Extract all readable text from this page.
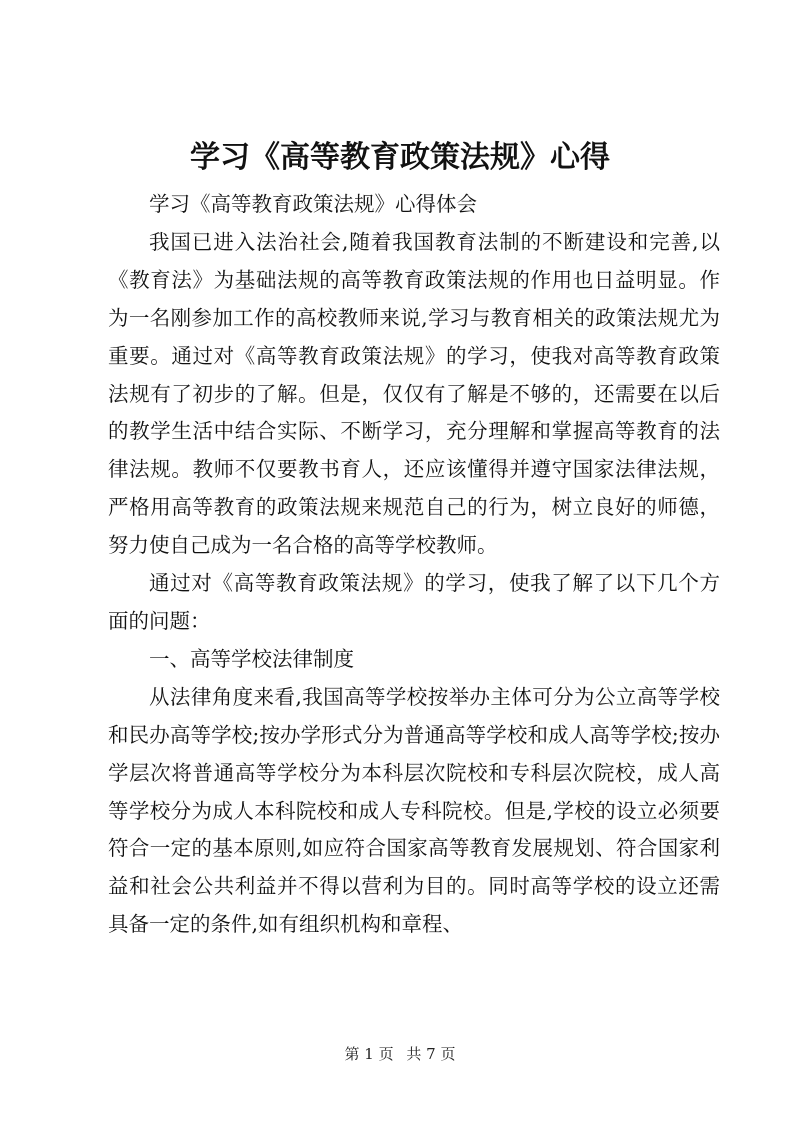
学习《高等教育政策法规》心得

学习《高等教育政策法规》心得体会

我国已进入法治社会,随着我国教育法制的不断建设和完善,以《教育法》为基础法规的高等教育政策法规的作用也日益明显。作为一名刚参加工作的高校教师来说,学习与教育相关的政策法规尤为重要。通过对《高等教育政策法规》的学习，使我对高等教育政策法规有了初步的了解。但是，仅仅有了解是不够的，还需要在以后的教学生活中结合实际、不断学习，充分理解和掌握高等教育的法律法规。教师不仅要教书育人，还应该懂得并遵守国家法律法规，严格用高等教育的政策法规来规范自己的行为，树立良好的师德，努力使自己成为一名合格的高等学校教师。

通过对《高等教育政策法规》的学习，使我了解了以下几个方面的问题：

一、高等学校法律制度

从法律角度来看,我国高等学校按举办主体可分为公立高等学校和民办高等学校;按办学形式分为普通高等学校和成人高等学校;按办学层次将普通高等学校分为本科层次院校和专科层次院校，成人高等学校分为成人本科院校和成人专科院校。但是,学校的设立必须要符合一定的基本原则,如应符合国家高等教育发展规划、符合国家利益和社会公共利益并不得以营利为目的。同时高等学校的设立还需具备一定的条件,如有组织机构和章程、

第 1 页 共 7 页
